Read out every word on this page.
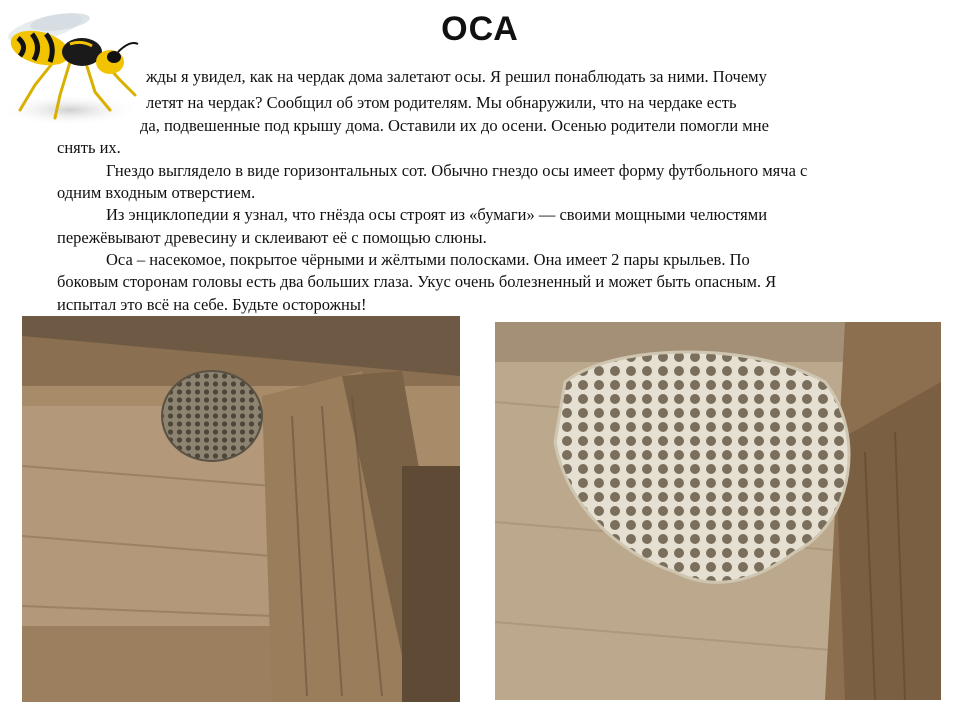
ОСА
жды я увидел, как на чердак дома залетают осы. Я решил понаблюдать за ними. Почему
летят на чердак? Сообщил об этом родителям. Мы обнаружили, что на чердаке есть
да, подвешенные под крышу дома. Оставили их до осени. Осенью родители помогли мне
снять их.
Гнездо выглядело в виде горизонтальных сот. Обычно гнездо осы имеет форму футбольного мяча с
одним входным отверстием.
Из энциклопедии я узнал, что гнёзда осы строят из «бумаги» — своими мощными челюстями
пережёвывают древесину и склеивают её с помощью слюны.
Оса – насекомое, покрытое чёрными и жёлтыми полосками. Она имеет 2 пары крыльев. По
боковым сторонам головы есть два больших глаза. Укус очень болезненный и может быть опасным. Я
испытал это всё на себе. Будьте осторожны!
